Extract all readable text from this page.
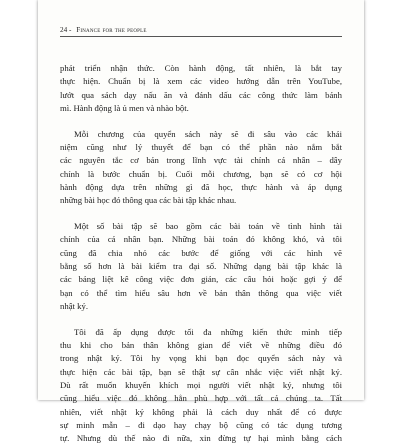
24 - Finance for the people
phát triển nhận thức. Còn hành động, tất nhiên, là bắt tay
thực hiện. Chuẩn bị là xem các video hướng dẫn trên YouTube,
lướt qua sách dạy nấu ăn và đánh dấu các công thức làm bánh
mì. Hành động là ủ men và nhào bột.
Mỗi chương của quyển sách này sẽ đi sâu vào các khái
niệm cũng như lý thuyết để bạn có thể phần nào nắm bắt
các nguyên tắc cơ bản trong lĩnh vực tài chính cá nhân – dây
chính là bước chuẩn bị. Cuối mỗi chương, bạn sẽ có cơ hội
hành động dựa trên những gì đã học, thực hành và áp dụng
những bài học đó thông qua các bài tập khác nhau.
Một số bài tập sẽ bao gồm các bài toán về tình hình tài
chính của cá nhân bạn. Những bài toán đó không khó, và tôi
cũng đã chia nhỏ các bước để giống với các hình vẽ
bằng số hơn là bài kiểm tra đại số. Những dạng bài tập khác là
các bảng liệt kê công việc đơn giản, các câu hỏi hoặc gợi ý để
bạn có thể tìm hiểu sâu hơn về bản thân thông qua việc viết
nhật ký.
Tôi đã ấp dụng được tối đa những kiến thức mình tiếp
thu khi cho bản thân không gian để viết về những điều đó
trong nhật ký. Tôi hy vọng khi bạn đọc quyển sách này và
thực hiện các bài tập, bạn sẽ thật sự cân nhắc việc viết nhật ký.
Dù rất muốn khuyến khích mọi người viết nhật ký, nhưng tôi
cũng hiểu việc đó không hẳn phù hợp với tất cả chúng ta. Tất
nhiên, viết nhật ký không phải là cách duy nhất để có được
sự minh mẫn – đi dạo hay chạy bộ cũng có tác dụng tương
tự. Nhưng dù thế nào đi nữa, xin đừng tự hại mình bằng cách
